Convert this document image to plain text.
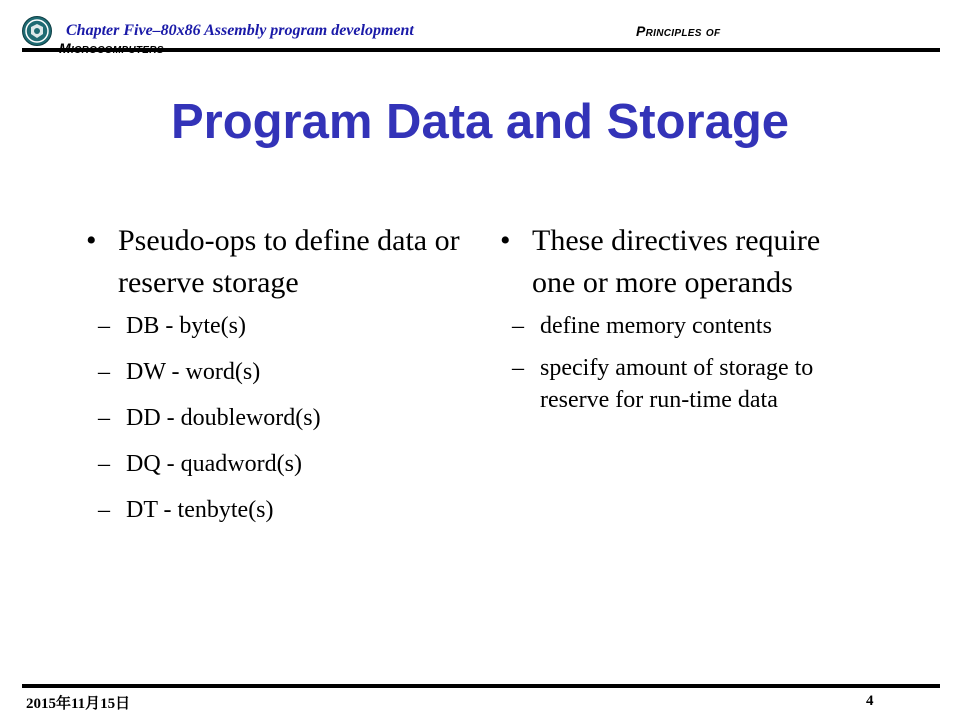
Chapter Five–80x86 Assembly program development	Principles of
Program Data and Storage
• Pseudo-ops to define data or reserve storage
– DB - byte(s)
– DW - word(s)
– DD - doubleword(s)
– DQ - quadword(s)
– DT - tenbyte(s)
• These directives require one or more operands
– define memory contents
– specify amount of storage to reserve for run-time data
2015年11月15日	4
